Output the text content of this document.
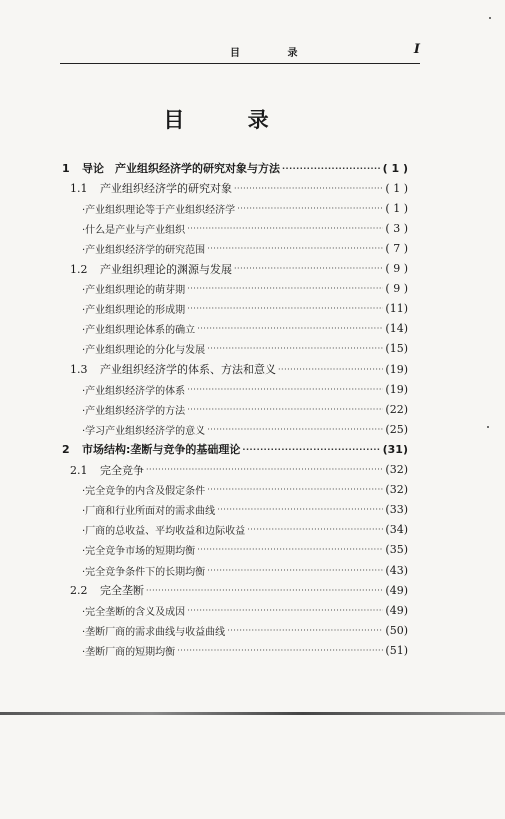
目 录	I
目 录
1 导论　产业组织经济学的研究对象与方法 ·····	( 1 )
1.1 产业组织经济学的研究对象 ·····	( 1 )
·产业组织理论等于产业组织经济学 ·····	( 1 )
·什么是产业与产业组织 ·····	( 3 )
·产业组织经济学的研究范围 ·····	( 7 )
1.2 产业组织理论的渊源与发展 ·····	( 9 )
·产业组织理论的萌芽期 ·····	( 9 )
·产业组织理论的形成期 ·····	(11)
·产业组织理论体系的确立 ·····	(14)
·产业组织理论的分化与发展 ·····	(15)
1.3 产业组织经济学的体系、方法和意义 ·····	(19)
·产业组织经济学的体系 ·····	(19)
·产业组织经济学的方法 ·····	(22)
·学习产业组织经济学的意义 ·····	(25)
2 市场结构:垄断与竞争的基础理论 ·····	(31)
2.1 完全竞争 ·····	(32)
·完全竞争的内含及假定条件 ·····	(32)
·厂商和行业所面对的需求曲线 ·····	(33)
·厂商的总收益、平均收益和边际收益 ·····	(34)
·完全竞争市场的短期均衡 ·····	(35)
·完全竞争条件下的长期均衡 ·····	(43)
2.2 完全垄断 ·····	(49)
·完全垄断的含义及成因 ·····	(49)
·垄断厂商的需求曲线与收益曲线 ·····	(50)
·垄断厂商的短期均衡 ·····	(51)
